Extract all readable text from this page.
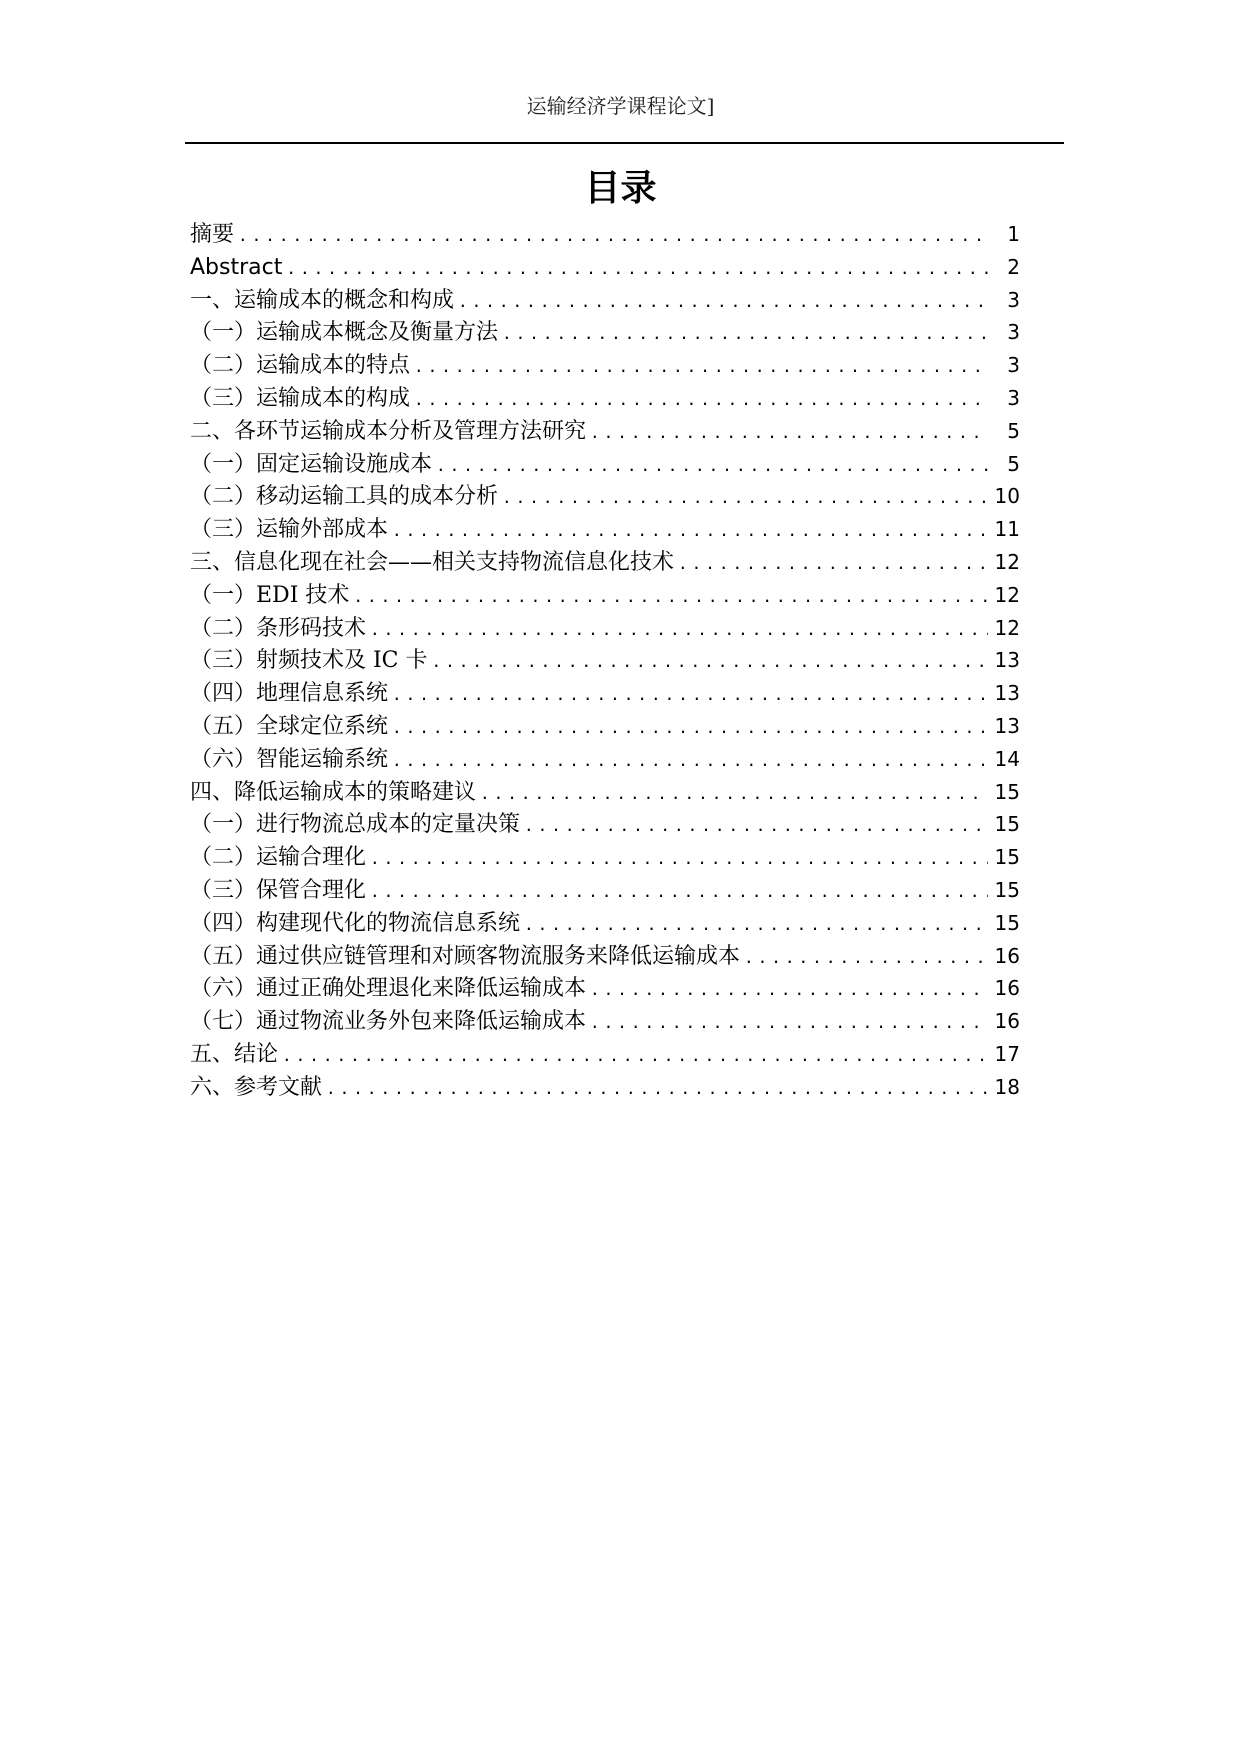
运输经济学课程论文]
目录
摘要 .....	1
Abstract .....	2
一、运输成本的概念和构成 .....	3
（一）运输成本概念及衡量方法 .....	3
（二）运输成本的特点 .....	3
（三）运输成本的构成 .....	3
二、各环节运输成本分析及管理方法研究 .....	5
（一）固定运输设施成本 .....	5
（二）移动运输工具的成本分析 .....	10
（三）运输外部成本 .....	11
三、信息化现在社会——相关支持物流信息化技术 .....	12
（一）EDI 技术 .....	12
（二）条形码技术 .....	12
（三）射频技术及 IC 卡 .....	13
（四）地理信息系统 .....	13
（五）全球定位系统 .....	13
（六）智能运输系统 .....	14
四、降低运输成本的策略建议 .....	15
（一）进行物流总成本的定量决策 .....	15
（二）运输合理化 .....	15
（三）保管合理化 .....	15
（四）构建现代化的物流信息系统 .....	15
（五）通过供应链管理和对顾客物流服务来降低运输成本 .....	16
（六）通过正确处理退化来降低运输成本 .....	16
（七）通过物流业务外包来降低运输成本 .....	16
五、结论 .....	17
六、参考文献 .....	18
